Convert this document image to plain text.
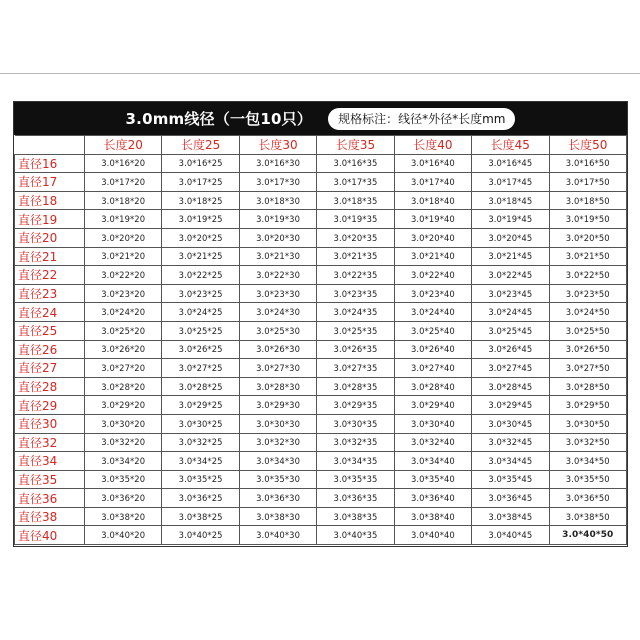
3.0mm线径（一包10只）	规格标注：线径*外径*长度mm
	长度20	长度25	长度30	长度35	长度40	长度45	长度50
直径16	3.0*16*20	3.0*16*25	3.0*16*30	3.0*16*35	3.0*16*40	3.0*16*45	3.0*16*50
直径17	3.0*17*20	3.0*17*25	3.0*17*30	3.0*17*35	3.0*17*40	3.0*17*45	3.0*17*50
直径18	3.0*18*20	3.0*18*25	3.0*18*30	3.0*18*35	3.0*18*40	3.0*18*45	3.0*18*50
直径19	3.0*19*20	3.0*19*25	3.0*19*30	3.0*19*35	3.0*19*40	3.0*19*45	3.0*19*50
直径20	3.0*20*20	3.0*20*25	3.0*20*30	3.0*20*35	3.0*20*40	3.0*20*45	3.0*20*50
直径21	3.0*21*20	3.0*21*25	3.0*21*30	3.0*21*35	3.0*21*40	3.0*21*45	3.0*21*50
直径22	3.0*22*20	3.0*22*25	3.0*22*30	3.0*22*35	3.0*22*40	3.0*22*45	3.0*22*50
直径23	3.0*23*20	3.0*23*25	3.0*23*30	3.0*23*35	3.0*23*40	3.0*23*45	3.0*23*50
直径24	3.0*24*20	3.0*24*25	3.0*24*30	3.0*24*35	3.0*24*40	3.0*24*45	3.0*24*50
直径25	3.0*25*20	3.0*25*25	3.0*25*30	3.0*25*35	3.0*25*40	3.0*25*45	3.0*25*50
直径26	3.0*26*20	3.0*26*25	3.0*26*30	3.0*26*35	3.0*26*40	3.0*26*45	3.0*26*50
直径27	3.0*27*20	3.0*27*25	3.0*27*30	3.0*27*35	3.0*27*40	3.0*27*45	3.0*27*50
直径28	3.0*28*20	3.0*28*25	3.0*28*30	3.0*28*35	3.0*28*40	3.0*28*45	3.0*28*50
直径29	3.0*29*20	3.0*29*25	3.0*29*30	3.0*29*35	3.0*29*40	3.0*29*45	3.0*29*50
直径30	3.0*30*20	3.0*30*25	3.0*30*30	3.0*30*35	3.0*30*40	3.0*30*45	3.0*30*50
直径32	3.0*32*20	3.0*32*25	3.0*32*30	3.0*32*35	3.0*32*40	3.0*32*45	3.0*32*50
直径34	3.0*34*20	3.0*34*25	3.0*34*30	3.0*34*35	3.0*34*40	3.0*34*45	3.0*34*50
直径35	3.0*35*20	3.0*35*25	3.0*35*30	3.0*35*35	3.0*35*40	3.0*35*45	3.0*35*50
直径36	3.0*36*20	3.0*36*25	3.0*36*30	3.0*36*35	3.0*36*40	3.0*36*45	3.0*36*50
直径38	3.0*38*20	3.0*38*25	3.0*38*30	3.0*38*35	3.0*38*40	3.0*38*45	3.0*38*50
直径40	3.0*40*20	3.0*40*25	3.0*40*30	3.0*40*35	3.0*40*40	3.0*40*45	3.0*40*50
